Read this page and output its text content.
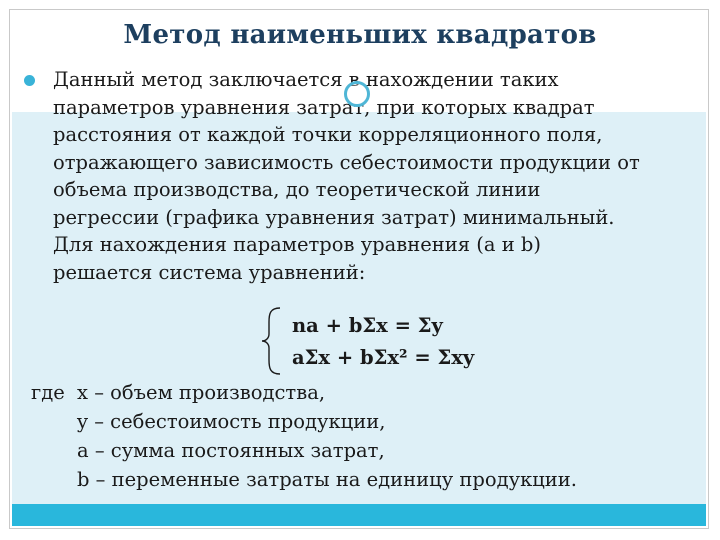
Метод наименьших квадратов
Данный метод заключается в нахождении таких
параметров уравнения затрат, при которых квадрат
расстояния от каждой точки корреляционного поля,
отражающего зависимость себестоимости продукции от
объема производства, до теоретической линии
регрессии (графика уравнения затрат) минимальный.
Для нахождения параметров уравнения (a и b)
решается система уравнений:
na + bΣx = Σy
aΣx + bΣx² = Σxy
где x – объем производства,
y – себестоимость продукции,
a – сумма постоянных затрат,
b – переменные затраты на единицу продукции.
